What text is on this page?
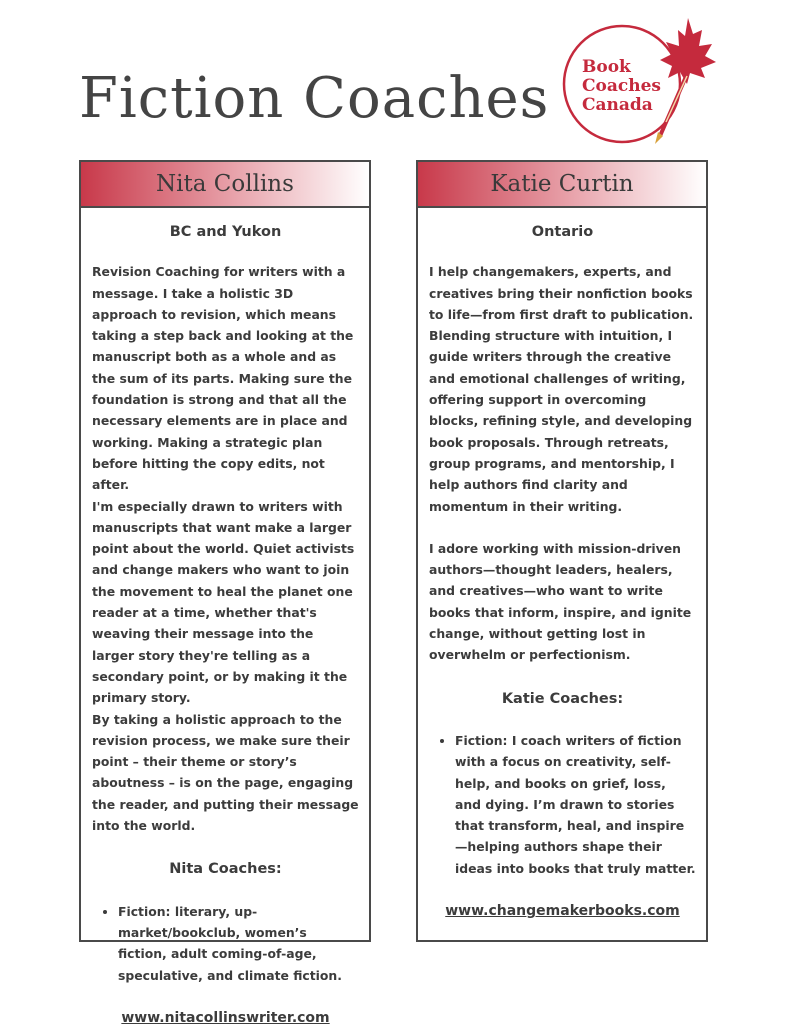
Fiction Coaches Book
Coaches
Canada
Nita Collins
BC and Yukon

Revision Coaching for writers with a message. I take a holistic 3D approach to revision, which means taking a step back and looking at the manuscript both as a whole and as the sum of its parts. Making sure the foundation is strong and that all the necessary elements are in place and working. Making a strategic plan before hitting the copy edits, not after.

I'm especially drawn to writers with manuscripts that want make a larger point about the world. Quiet activists and change makers who want to join the movement to heal the planet one reader at a time, whether that's weaving their message into the larger story they're telling as a secondary point, or by making it the primary story.

By taking a holistic approach to the revision process, we make sure their point – their theme or story’s aboutness – is on the page, engaging the reader, and putting their message into the world.

Nita Coaches:
• Fiction: literary, up-market/bookclub, women’s fiction, adult coming-of-age, speculative, and climate fiction.
www.nitacollinswriter.com
Katie Curtin
Ontario

I help changemakers, experts, and creatives bring their nonfiction books to life—from first draft to publication. Blending structure with intuition, I guide writers through the creative and emotional challenges of writing, offering support in overcoming blocks, refining style, and developing book proposals. Through retreats, group programs, and mentorship, I help authors find clarity and momentum in their writing.

I adore working with mission-driven authors—thought leaders, healers, and creatives—who want to write books that inform, inspire, and ignite change, without getting lost in overwhelm or perfectionism.

Katie Coaches:
• Fiction: I coach writers of fiction with a focus on creativity, self-help, and books on grief, loss, and dying. I’m drawn to stories that transform, heal, and inspire—helping authors shape their ideas into books that truly matter.
www.changemakerbooks.com
